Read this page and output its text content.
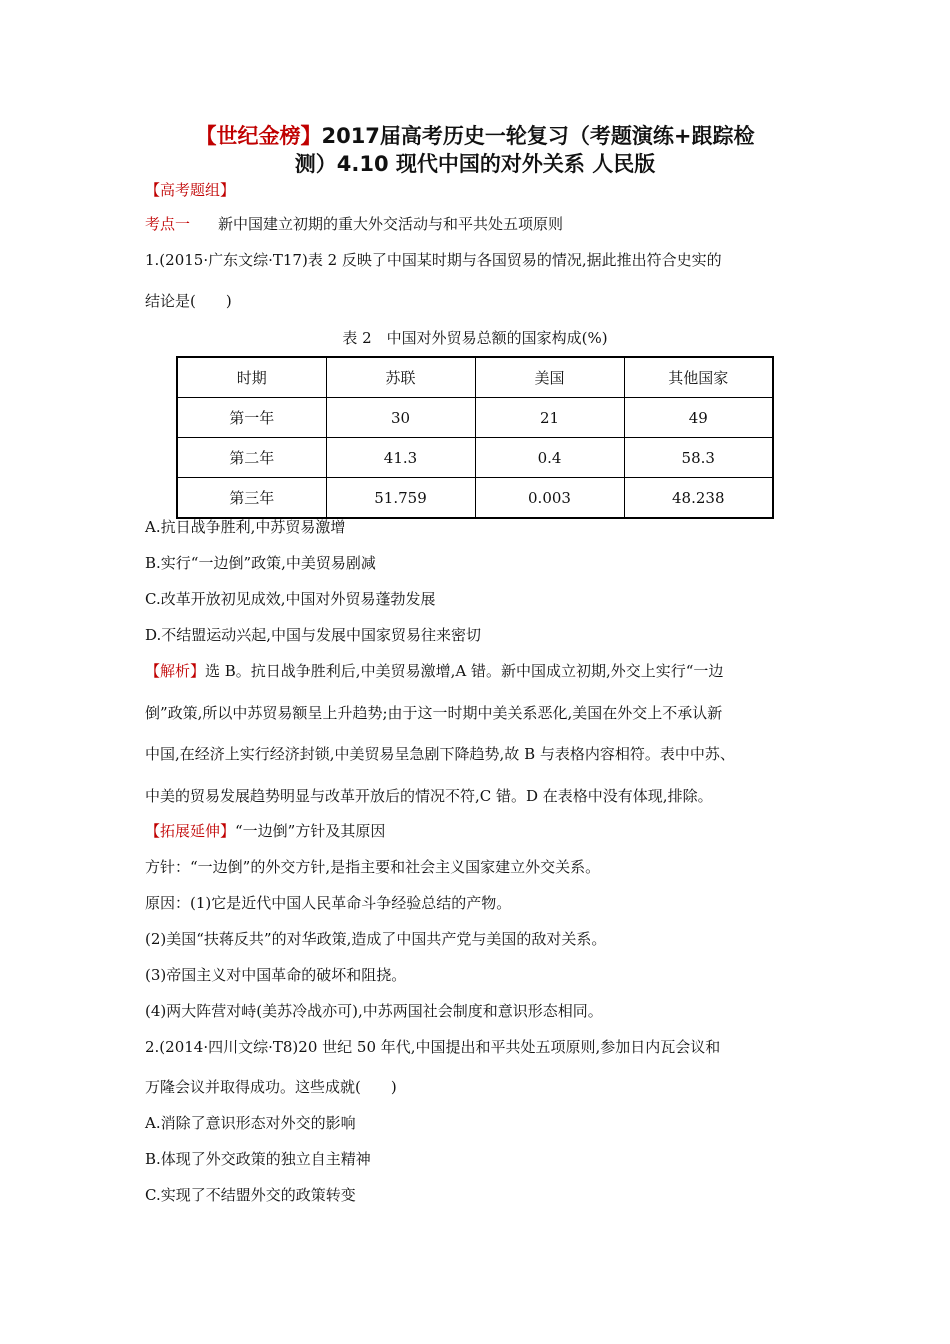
【世纪金榜】2017届高考历史一轮复习（考题演练+跟踪检
测）4.10 现代中国的对外关系 人民版
【高考题组】
考点一 新中国建立初期的重大外交活动与和平共处五项原则
1.(2015·广东文综·T17)表 2 反映了中国某时期与各国贸易的情况,据此推出符合史实的
结论是(　　)
表 2　中国对外贸易总额的国家构成(%)
时期	苏联	美国	其他国家
第一年	30	21	49
第二年	41.3	0.4	58.3
第三年	51.759	0.003	48.238
A.抗日战争胜利,中苏贸易激增
B.实行“一边倒”政策,中美贸易剧减
C.改革开放初见成效,中国对外贸易蓬勃发展
D.不结盟运动兴起,中国与发展中国家贸易往来密切
【解析】选 B。抗日战争胜利后,中美贸易激增,A 错。新中国成立初期,外交上实行“一边
倒”政策,所以中苏贸易额呈上升趋势;由于这一时期中美关系恶化,美国在外交上不承认新
中国,在经济上实行经济封锁,中美贸易呈急剧下降趋势,故 B 与表格内容相符。表中中苏、
中美的贸易发展趋势明显与改革开放后的情况不符,C 错。D 在表格中没有体现,排除。
【拓展延伸】“一边倒”方针及其原因
方针：“一边倒”的外交方针,是指主要和社会主义国家建立外交关系。
原因：(1)它是近代中国人民革命斗争经验总结的产物。
(2)美国“扶蒋反共”的对华政策,造成了中国共产党与美国的敌对关系。
(3)帝国主义对中国革命的破坏和阻挠。
(4)两大阵营对峙(美苏冷战亦可),中苏两国社会制度和意识形态相同。
2.(2014·四川文综·T8)20 世纪 50 年代,中国提出和平共处五项原则,参加日内瓦会议和
万隆会议并取得成功。这些成就(　　)
A.消除了意识形态对外交的影响
B.体现了外交政策的独立自主精神
C.实现了不结盟外交的政策转变
